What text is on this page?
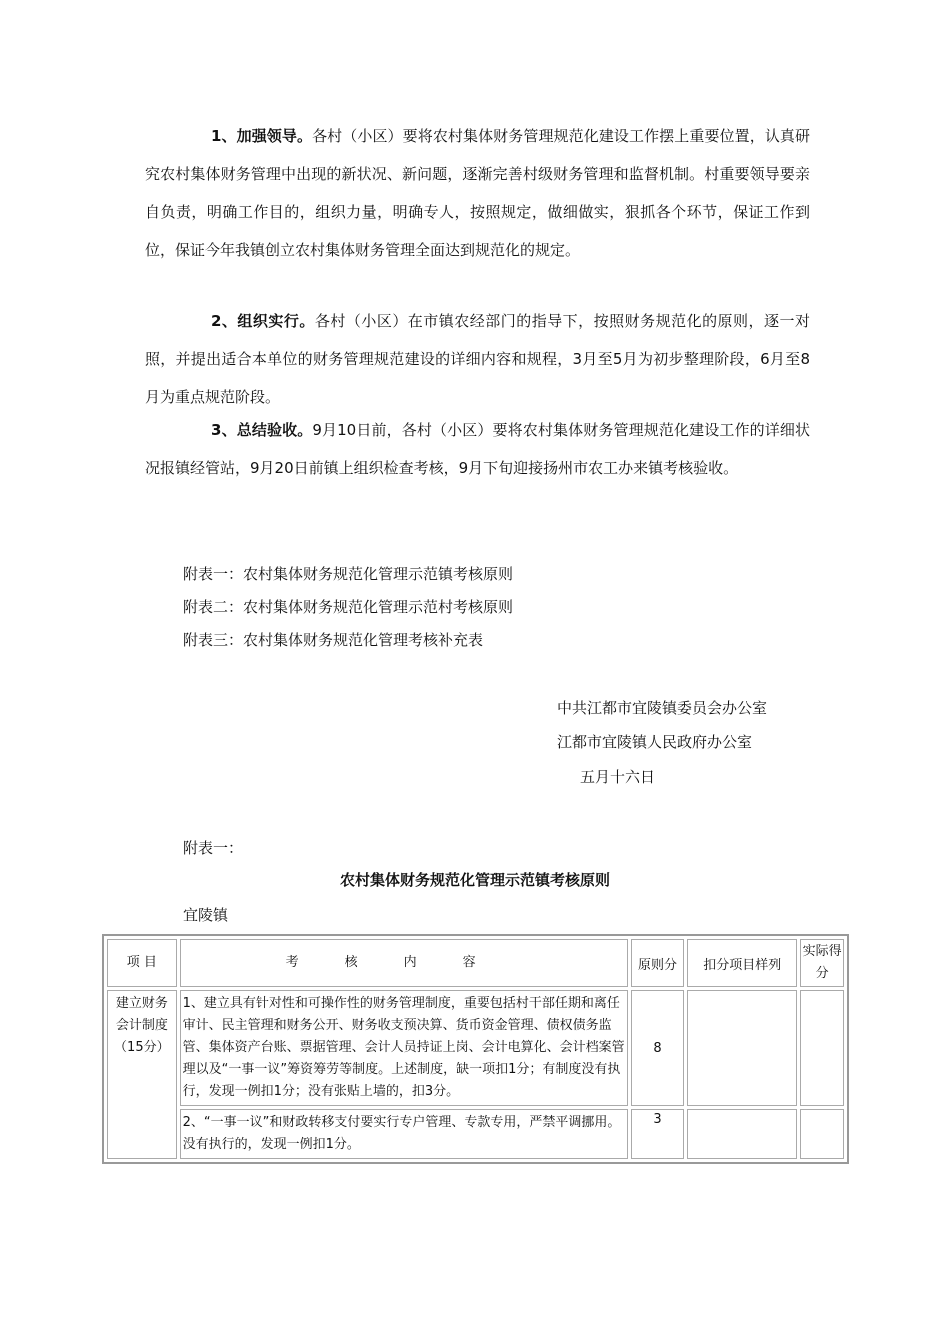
1、加强领导。各村（小区）要将农村集体财务管理规范化建设工作摆上重要位置，认真研究农村集体财务管理中出现的新状况、新问题，逐渐完善村级财务管理和监督机制。村重要领导要亲自负责，明确工作目的，组织力量，明确专人，按照规定，做细做实，狠抓各个环节，保证工作到位，保证今年我镇创立农村集体财务管理全面达到规范化的规定。
2、组织实行。各村（小区）在市镇农经部门的指导下，按照财务规范化的原则，逐一对照，并提出适合本单位的财务管理规范建设的详细内容和规程，3月至5月为初步整理阶段，6月至8月为重点规范阶段。
3、总结验收。9月10日前，各村（小区）要将农村集体财务管理规范化建设工作的详细状况报镇经管站，9月20日前镇上组织检查考核，9月下旬迎接扬州市农工办来镇考核验收。
附表一：农村集体财务规范化管理示范镇考核原则
附表二：农村集体财务规范化管理示范村考核原则
附表三：农村集体财务规范化管理考核补充表
中共江都市宜陵镇委员会办公室
江都市宜陵镇人民政府办公室
五月十六日
附表一：
农村集体财务规范化管理示范镇考核原则
宜陵镇
项 目	考核内容	原则分	扣分项目样列	实际得分
建立财务会计制度（15分）	1、建立具有针对性和可操作性的财务管理制度，重要包括村干部任期和离任审计、民主管理和财务公开、财务收支预决算、货币资金管理、债权债务监管、集体资产台账、票据管理、会计人员持证上岗、会计电算化、会计档案管理以及“一事一议”筹资筹劳等制度。上述制度，缺一项扣1分；有制度没有执行，发现一例扣1分；没有张贴上墙的，扣3分。	8		
	2、“一事一议”和财政转移支付要实行专户管理、专款专用，严禁平调挪用。没有执行的，发现一例扣1分。	3		
